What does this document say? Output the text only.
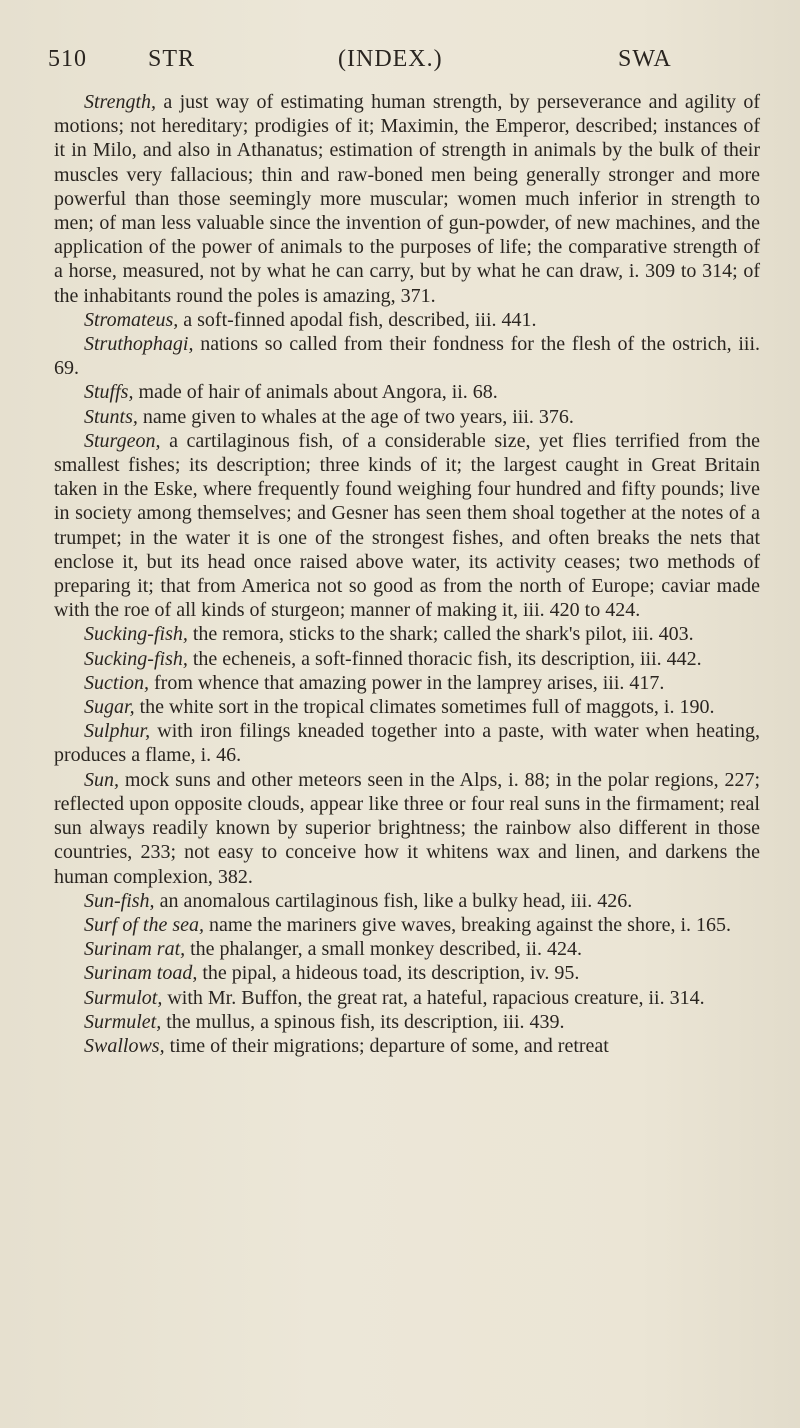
510	STR	(INDEX.)	SWA

Strength, a just way of estimating human strength, by perseverance and agility of motions; not hereditary; prodigies of it; Maximin, the Emperor, described; instances of it in Milo, and also in Athanatus; estimation of strength in animals by the bulk of their muscles very fallacious; thin and raw-boned men being generally stronger and more powerful than those seemingly more muscular; women much inferior in strength to men; of man less valuable since the invention of gun-powder, of new machines, and the application of the power of animals to the purposes of life; the comparative strength of a horse, measured, not by what he can carry, but by what he can draw, i. 309 to 314; of the inhabitants round the poles is amazing, 371.

Stromateus, a soft-finned apodal fish, described, iii. 441.

Struthophagi, nations so called from their fondness for the flesh of the ostrich, iii. 69.

Stuffs, made of hair of animals about Angora, ii. 68.

Stunts, name given to whales at the age of two years, iii. 376.

Sturgeon, a cartilaginous fish, of a considerable size, yet flies terrified from the smallest fishes; its description; three kinds of it; the largest caught in Great Britain taken in the Eske, where frequently found weighing four hundred and fifty pounds; live in society among themselves; and Gesner has seen them shoal together at the notes of a trumpet; in the water it is one of the strongest fishes, and often breaks the nets that enclose it, but its head once raised above water, its activity ceases; two methods of preparing it; that from America not so good as from the north of Europe; caviar made with the roe of all kinds of sturgeon; manner of making it, iii. 420 to 424.

Sucking-fish, the remora, sticks to the shark; called the shark's pilot, iii. 403.

Sucking-fish, the echeneis, a soft-finned thoracic fish, its description, iii. 442.

Suction, from whence that amazing power in the lamprey arises, iii. 417.

Sugar, the white sort in the tropical climates sometimes full of maggots, i. 190.

Sulphur, with iron filings kneaded together into a paste, with water when heating, produces a flame, i. 46.

Sun, mock suns and other meteors seen in the Alps, i. 88; in the polar regions, 227; reflected upon opposite clouds, appear like three or four real suns in the firmament; real sun always readily known by superior brightness; the rainbow also different in those countries, 233; not easy to conceive how it whitens wax and linen, and darkens the human complexion, 382.

Sun-fish, an anomalous cartilaginous fish, like a bulky head, iii. 426.

Surf of the sea, name the mariners give waves, breaking against the shore, i. 165.

Surinam rat, the phalanger, a small monkey described, ii. 424.

Surinam toad, the pipal, a hideous toad, its description, iv. 95.

Surmulot, with Mr. Buffon, the great rat, a hateful, rapacious creature, ii. 314.

Surmulet, the mullus, a spinous fish, its description, iii. 439.

Swallows, time of their migrations; departure of some, and retreat
